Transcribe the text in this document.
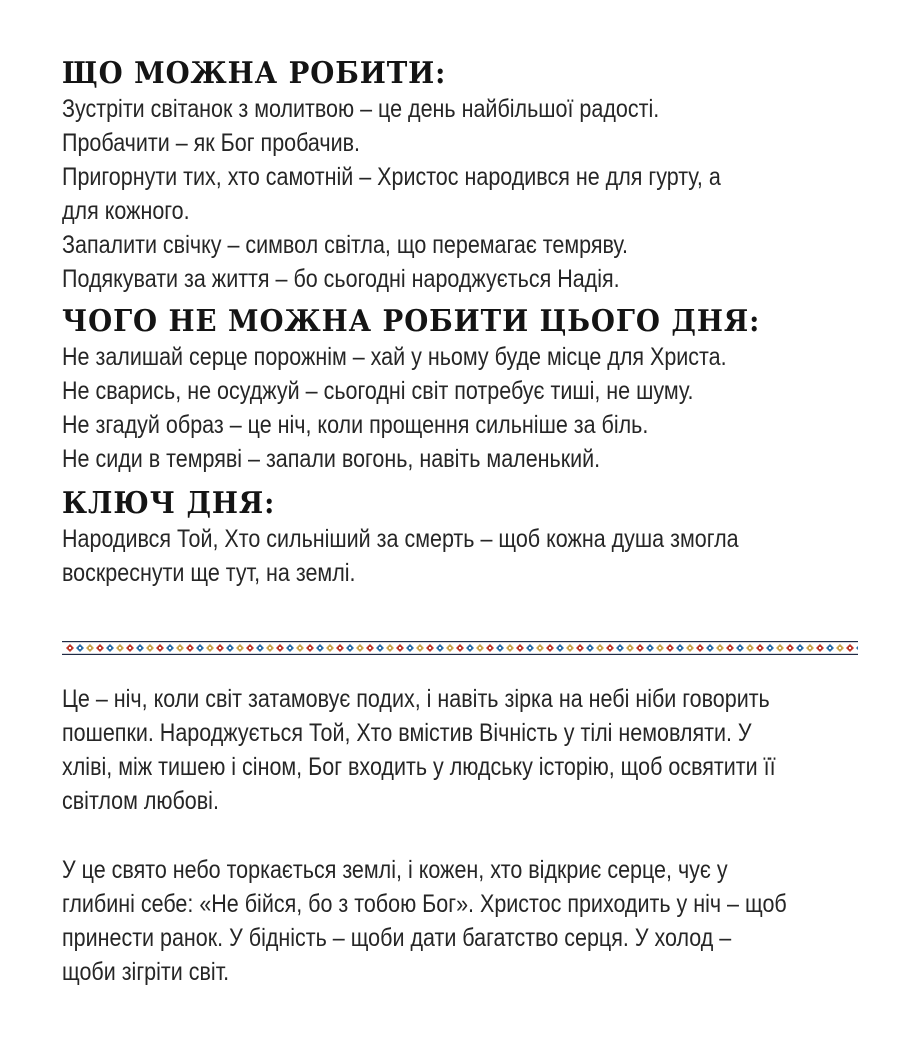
ЩО МОЖНА РОБИТИ:

Зустріти світанок з молитвою – це день найбільшої радості.

Пробачити – як Бог пробачив.

Пригорнути тих, хто самотній – Христос народився не для гурту, а

для кожного.

Запалити свічку – символ світла, що перемагає темряву.

Подякувати за життя – бо сьогодні народжується Надія.

ЧОГО НЕ МОЖНА РОБИТИ ЦЬОГО ДНЯ:

Не залишай серце порожнім – хай у ньому буде місце для Христа.

Не сварись, не осуджуй – сьогодні світ потребує тиші, не шуму.

Не згадуй образ – це ніч, коли прощення сильніше за біль.

Не сиди в темряві – запали вогонь, навіть маленький.

КЛЮЧ ДНЯ:

Народився Той, Хто сильніший за смерть – щоб кожна душа змогла

воскреснути ще тут, на землі.

Це – ніч, коли світ затамовує подих, і навіть зірка на небі ніби говорить

пошепки. Народжується Той, Хто вмістив Вічність у тілі немовляти. У

хліві, між тишею і сіном, Бог входить у людську історію, щоб освятити її

світлом любові.

У це свято небо торкається землі, і кожен, хто відкриє серце, чує у

глибині себе: «Не бійся, бо з тобою Бог». Христос приходить у ніч – щоб

принести ранок. У бідність – щоби дати багатство серця. У холод –

щоби зігріти світ.
